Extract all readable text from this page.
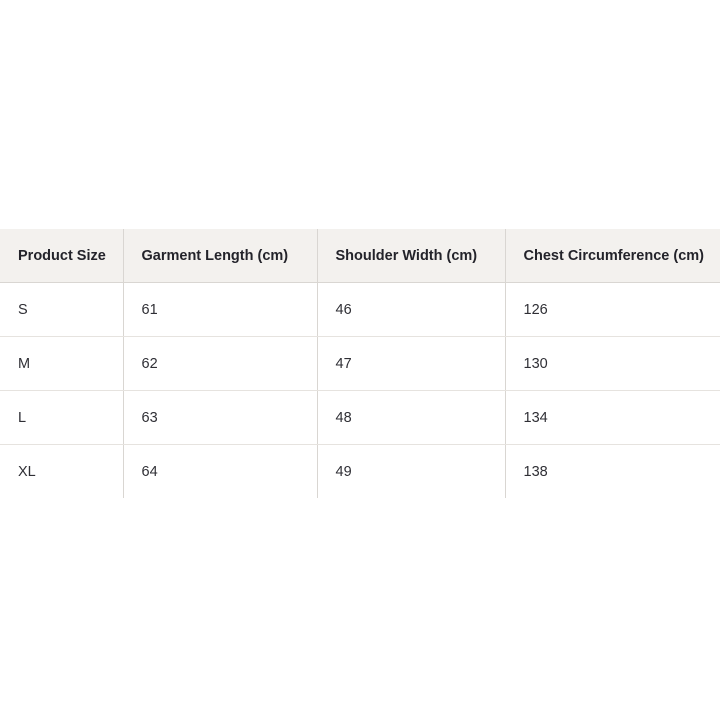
Product Size	Garment Length (cm)	Shoulder Width (cm)	Chest Circumference (cm)
S	61	46	126
M	62	47	130
L	63	48	134
XL	64	49	138
